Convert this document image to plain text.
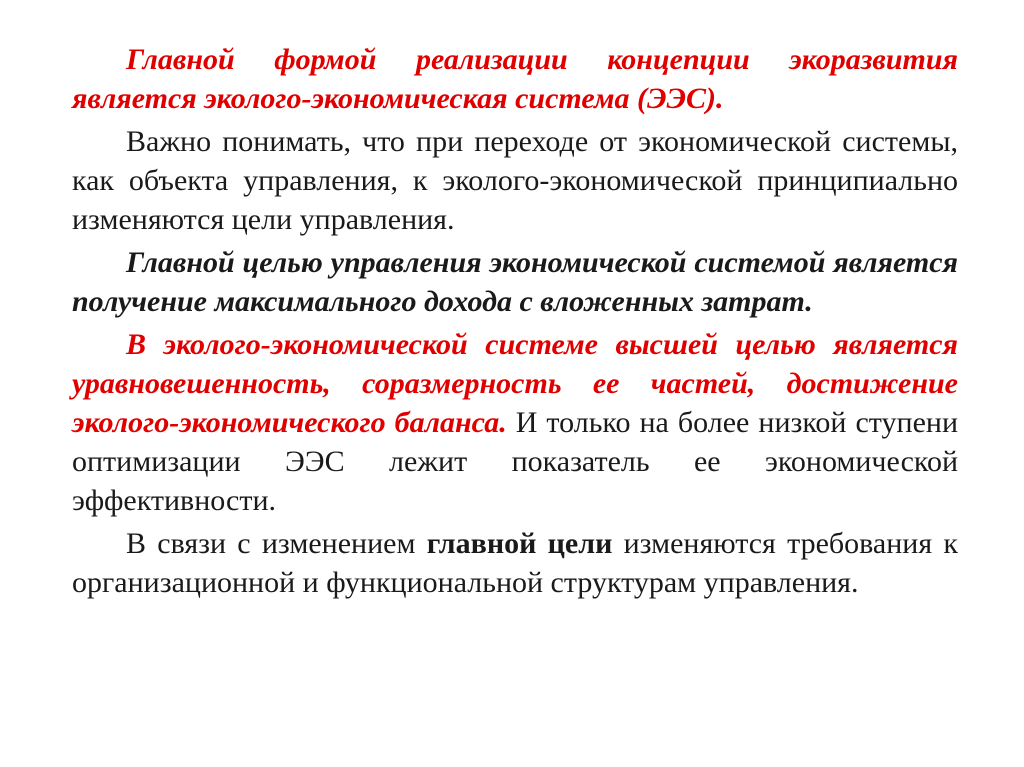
Главной формой реализации концепции экоразвития является эколого-экономическая система (ЭЭС).

Важно понимать, что при переходе от экономической системы, как объекта управления, к эколого-экономической принципиально изменяются цели управления.

Главной целью управления экономической системой является получение максимального дохода с вложенных затрат.

В эколого-экономической системе высшей целью является уравновешенность, соразмерность ее частей, достижение эколого-экономического баланса. И только на более низкой ступени оптимизации ЭЭС лежит показатель ее экономической эффективности.

В связи с изменением главной цели изменяются требования к организационной и функциональной структурам управления.
